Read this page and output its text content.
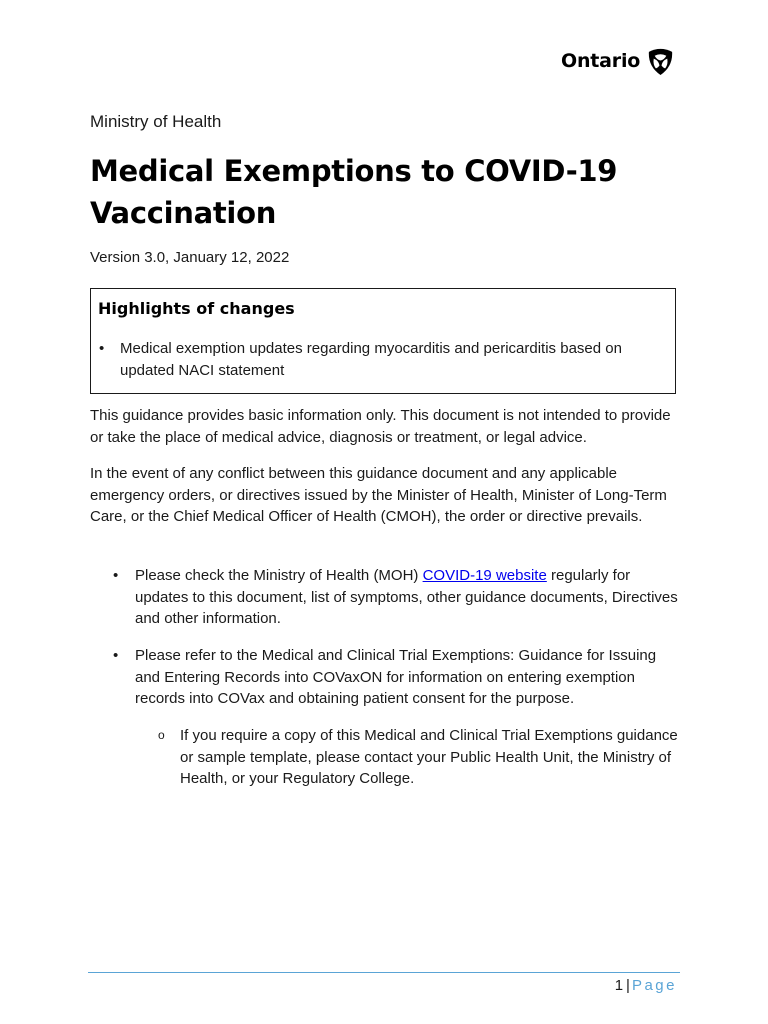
Ontario

Ministry of Health

Medical Exemptions to COVID-19 Vaccination

Version 3.0, January 12, 2022

Highlights of changes
•	Medical exemption updates regarding myocarditis and pericarditis based on updated NACI statement

This guidance provides basic information only. This document is not intended to provide or take the place of medical advice, diagnosis or treatment, or legal advice.

In the event of any conflict between this guidance document and any applicable emergency orders, or directives issued by the Minister of Health, Minister of Long-Term Care, or the Chief Medical Officer of Health (CMOH), the order or directive prevails.

•	Please check the Ministry of Health (MOH) COVID-19 website regularly for updates to this document, list of symptoms, other guidance documents, Directives and other information.
•	Please refer to the Medical and Clinical Trial Exemptions: Guidance for Issuing and Entering Records into COVaxON for information on entering exemption records into COVax and obtaining patient consent for the purpose.
o	If you require a copy of this Medical and Clinical Trial Exemptions guidance or sample template, please contact your Public Health Unit, the Ministry of Health, or your Regulatory College.
1 | Page
